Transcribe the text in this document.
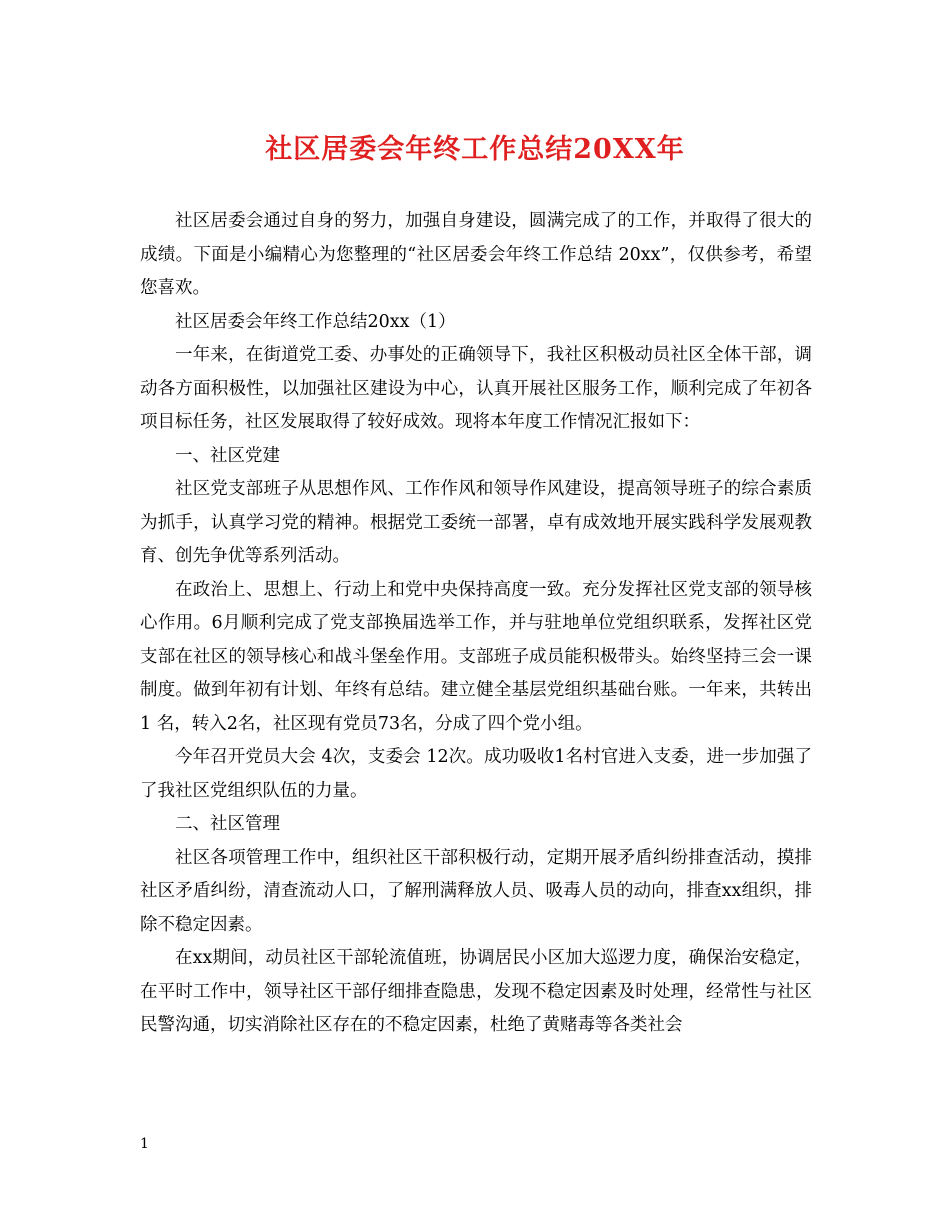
社区居委会年终工作总结20XX年

社区居委会通过自身的努力，加强自身建设，圆满完成了的工作，并取得了很大的成绩。下面是小编精心为您整理的“社区居委会年终工作总结 20xx”，仅供参考，希望您喜欢。

社区居委会年终工作总结20xx（1）

一年来，在街道党工委、办事处的正确领导下，我社区积极动员社区全体干部，调动各方面积极性，以加强社区建设为中心，认真开展社区服务工作，顺利完成了年初各项目标任务，社区发展取得了较好成效。现将本年度工作情况汇报如下：

一、社区党建

社区党支部班子从思想作风、工作作风和领导作风建设，提高领导班子的综合素质为抓手，认真学习党的精神。根据党工委统一部署，卓有成效地开展实践科学发展观教育、创先争优等系列活动。

在政治上、思想上、行动上和党中央保持高度一致。充分发挥社区党支部的领导核心作用。6月顺利完成了党支部换届选举工作，并与驻地单位党组织联系，发挥社区党支部在社区的领导核心和战斗堡垒作用。支部班子成员能积极带头。始终坚持三会一课制度。做到年初有计划、年终有总结。建立健全基层党组织基础台账。一年来，共转出 1 名，转入2名，社区现有党员73名，分成了四个党小组。

今年召开党员大会 4次，支委会 12次。成功吸收1名村官进入支委，进一步加强了了我社区党组织队伍的力量。

二、社区管理

社区各项管理工作中，组织社区干部积极行动，定期开展矛盾纠纷排查活动，摸排社区矛盾纠纷，清查流动人口，了解刑满释放人员、吸毒人员的动向，排查xx组织，排除不稳定因素。

在xx期间，动员社区干部轮流值班，协调居民小区加大巡逻力度，确保治安稳定，在平时工作中，领导社区干部仔细排查隐患，发现不稳定因素及时处理，经常性与社区民警沟通，切实消除社区存在的不稳定因素，杜绝了黄赌毒等各类社会

1
